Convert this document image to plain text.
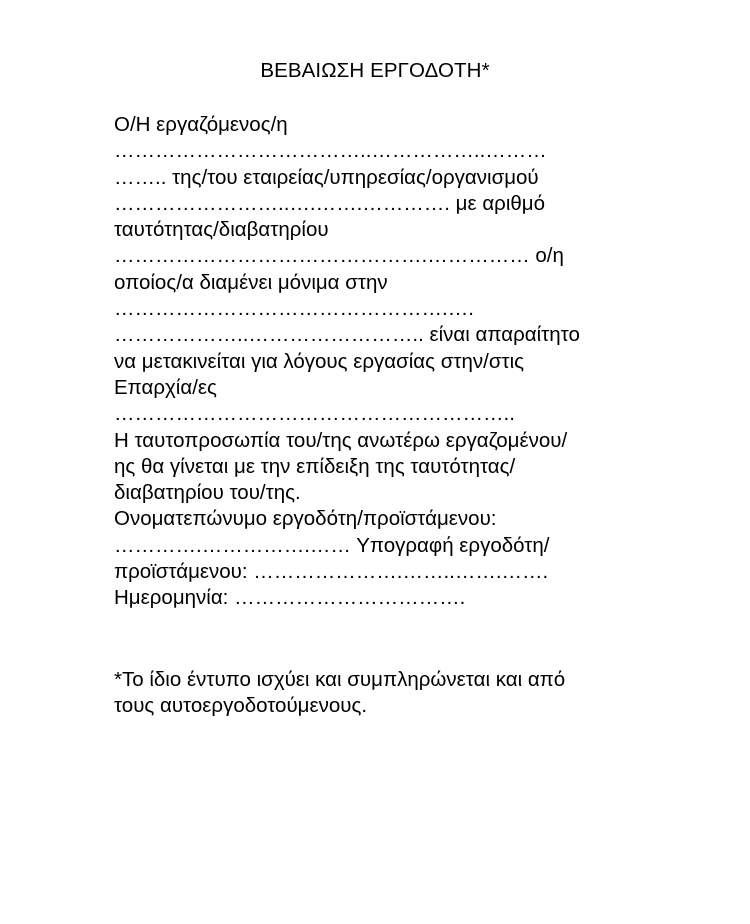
ΒΕΒΑΙΩΣΗ ΕΡΓΟΔΟΤΗ*
Ο/Η εργαζόμενος/η
………………………………..……………..………
…….. της/του εταιρείας/υπηρεσίας/οργανισμού
……………………..….…….…………. με αριθμό
ταυτότητας/διαβατηρίου
……………………………………….…………… ο/η
οποίος/α διαμένει μόνιμα στην
………………………………………….….
………………..…………………….. είναι απαραίτητο
να μετακινείται για λόγους εργασίας στην/στις
Επαρχία/ες
…………………………………………………..
Η ταυτοπροσωπία του/της ανωτέρω εργαζομένου/
ης θα γίνεται με την επίδειξη της ταυτότητας/
διαβατηρίου του/της.
Ονοματεπώνυμο εργοδότη/προϊστάμενου:
………….…………….…… Υπογραφή εργοδότη/
προϊστάμενου: ………………….……..…….…….
Ημερομηνία: …………………………….
*Το ίδιο έντυπο ισχύει και συμπληρώνεται και από
τους αυτοεργοδοτούμενους.
